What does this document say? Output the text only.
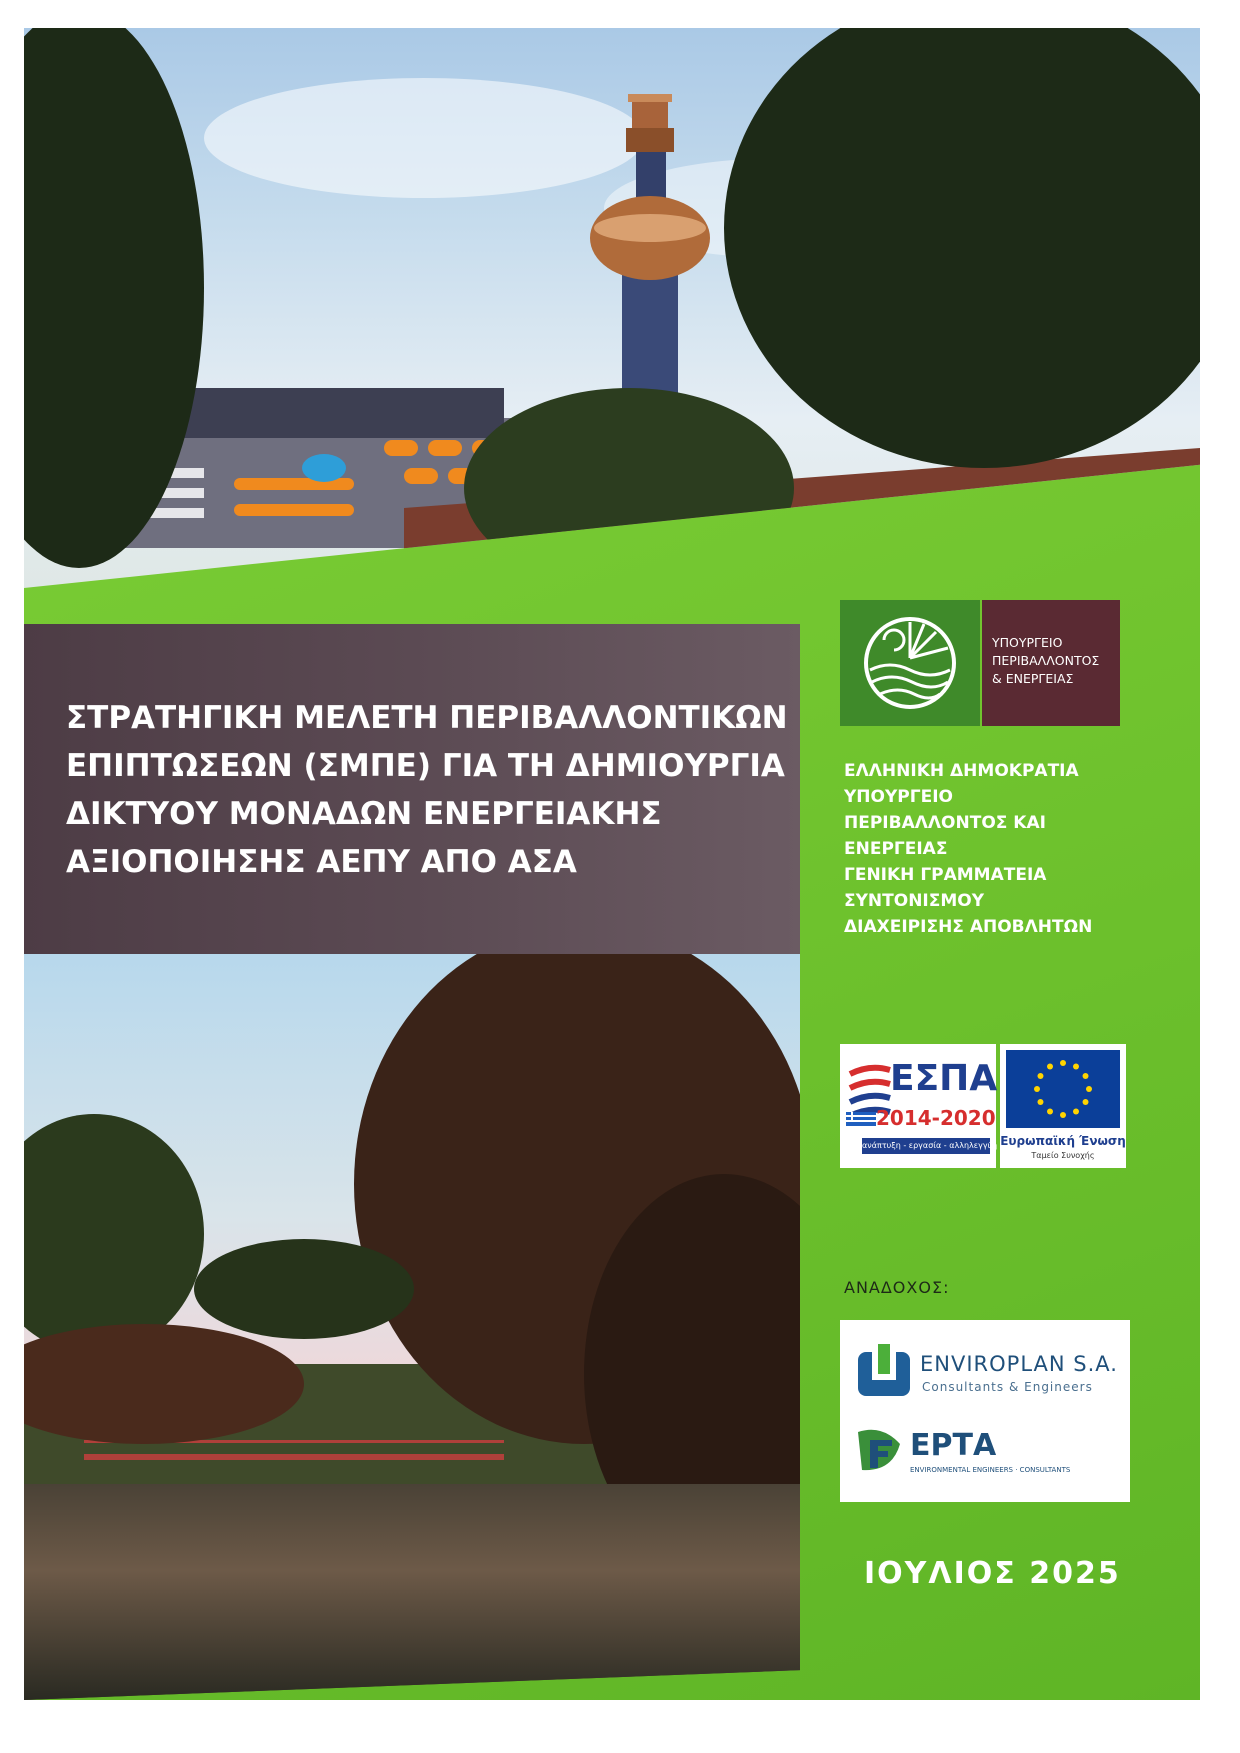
ΣΤΡΑΤΗΓΙΚΗ ΜΕΛΕΤΗ ΠΕΡΙΒΑΛΛΟΝΤΙΚΩΝ
ΕΠΙΠΤΩΣΕΩΝ (ΣΜΠΕ) ΓΙΑ ΤΗ ΔΗΜΙΟΥΡΓΙΑ
ΔΙΚΤΥΟΥ ΜΟΝΑΔΩΝ ΕΝΕΡΓΕΙΑΚΗΣ
ΑΞΙΟΠΟΙΗΣΗΣ ΑΕΠΥ ΑΠΟ ΑΣΑ
ΥΠΟΥΡΓΕΙΟ
ΠΕΡΙΒΑΛΛΟΝΤΟΣ
& ΕΝΕΡΓΕΙΑΣ
ΕΛΛΗΝΙΚΗ ΔΗΜΟΚΡΑΤΙΑ
ΥΠΟΥΡΓΕΙΟ
ΠΕΡΙΒΑΛΛΟΝΤΟΣ ΚΑΙ
ΕΝΕΡΓΕΙΑΣ
ΓΕΝΙΚΗ ΓΡΑΜΜΑΤΕΙΑ
ΣΥΝΤΟΝΙΣΜΟΥ
ΔΙΑΧΕΙΡΙΣΗΣ ΑΠΟΒΛΗΤΩΝ
ΕΣΠΑ
2014-2020
ανάπτυξη - εργασία - αλληλεγγύη Ευρωπαϊκή Ένωση
Ταμείο Συνοχής
ΑΝΑΔΟΧΟΣ:
ENVIROPLAN S.A.
Consultants & Engineers
ΕΡΤΑ
ENVIRONMENTAL ENGINEERS · CONSULTANTS
ΙΟΥΛΙΟΣ 2025
